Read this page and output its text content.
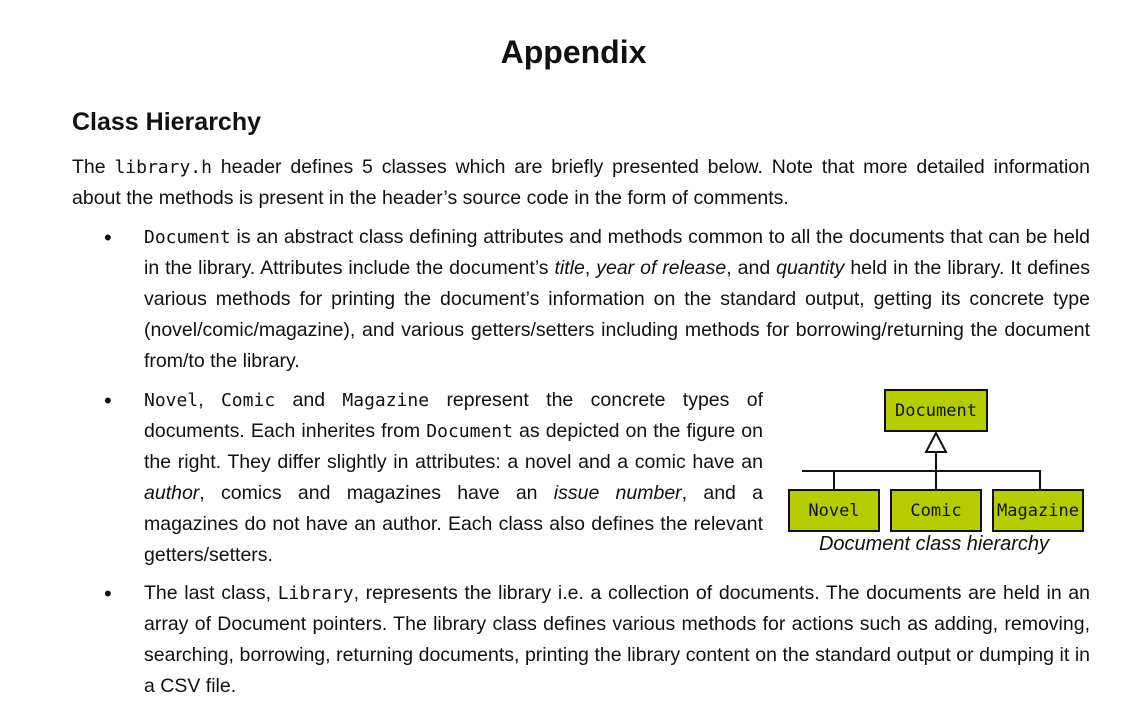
Appendix
Class Hierarchy

The library.h header defines 5 classes which are briefly presented below. Note that more detailed information about the methods is present in the header’s source code in the form of comments.

• Document is an abstract class defining attributes and methods common to all the documents that can be held in the library. Attributes include the document’s title, year of release, and quantity held in the library. It defines various methods for printing the document’s information on the standard output, getting its concrete type (novel/comic/magazine), and various getters/setters including methods for borrowing/returning the document from/to the library.

• Novel, Comic and Magazine represent the concrete types of documents. Each inherites from Document as depicted on the figure on the right. They differ slightly in attributes: a novel and a comic have an author, comics and magazines have an issue number, and a magazines do not have an author. Each class also defines the relevant getters/setters.

Document
Novel	Comic	Magazine
Document class hierarchy
• The last class, Library, represents the library i.e. a collection of documents. The documents are held in an array of Document pointers. The library class defines various methods for actions such as adding, removing, searching, borrowing, returning documents, printing the library content on the standard output or dumping it in a CSV file.
